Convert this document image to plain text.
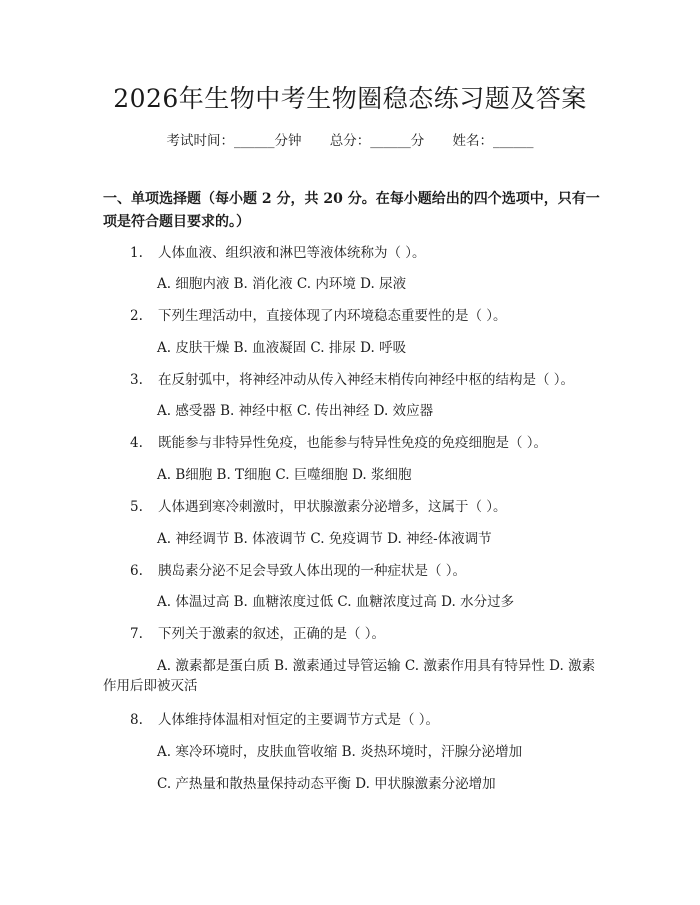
2026年生物中考生物圈稳态练习题及答案
考试时间：______分钟 总分：______分 姓名：______
一、单项选择题（每小题 2 分，共 20 分。在每小题给出的四个选项中，只有一项是符合题目要求的。）
1. 人体血液、组织液和淋巴等液体统称为（ ）。
A. 细胞内液 B. 消化液 C. 内环境 D. 尿液
2. 下列生理活动中，直接体现了内环境稳态重要性的是（ ）。
A. 皮肤干燥 B. 血液凝固 C. 排尿 D. 呼吸
3. 在反射弧中，将神经冲动从传入神经末梢传向神经中枢的结构是（ ）。
A. 感受器 B. 神经中枢 C. 传出神经 D. 效应器
4. 既能参与非特异性免疫，也能参与特异性免疫的免疫细胞是（ ）。
A. B细胞 B. T细胞 C. 巨噬细胞 D. 浆细胞
5. 人体遇到寒冷刺激时，甲状腺激素分泌增多，这属于（ ）。
A. 神经调节 B. 体液调节 C. 免疫调节 D. 神经-体液调节
6. 胰岛素分泌不足会导致人体出现的一种症状是（ ）。
A. 体温过高 B. 血糖浓度过低 C. 血糖浓度过高 D. 水分过多
7. 下列关于激素的叙述，正确的是（ ）。
A. 激素都是蛋白质 B. 激素通过导管运输 C. 激素作用具有特异性 D. 激素作用后即被灭活
8. 人体维持体温相对恒定的主要调节方式是（ ）。
A. 寒冷环境时，皮肤血管收缩 B. 炎热环境时，汗腺分泌增加
C. 产热量和散热量保持动态平衡 D. 甲状腺激素分泌增加
